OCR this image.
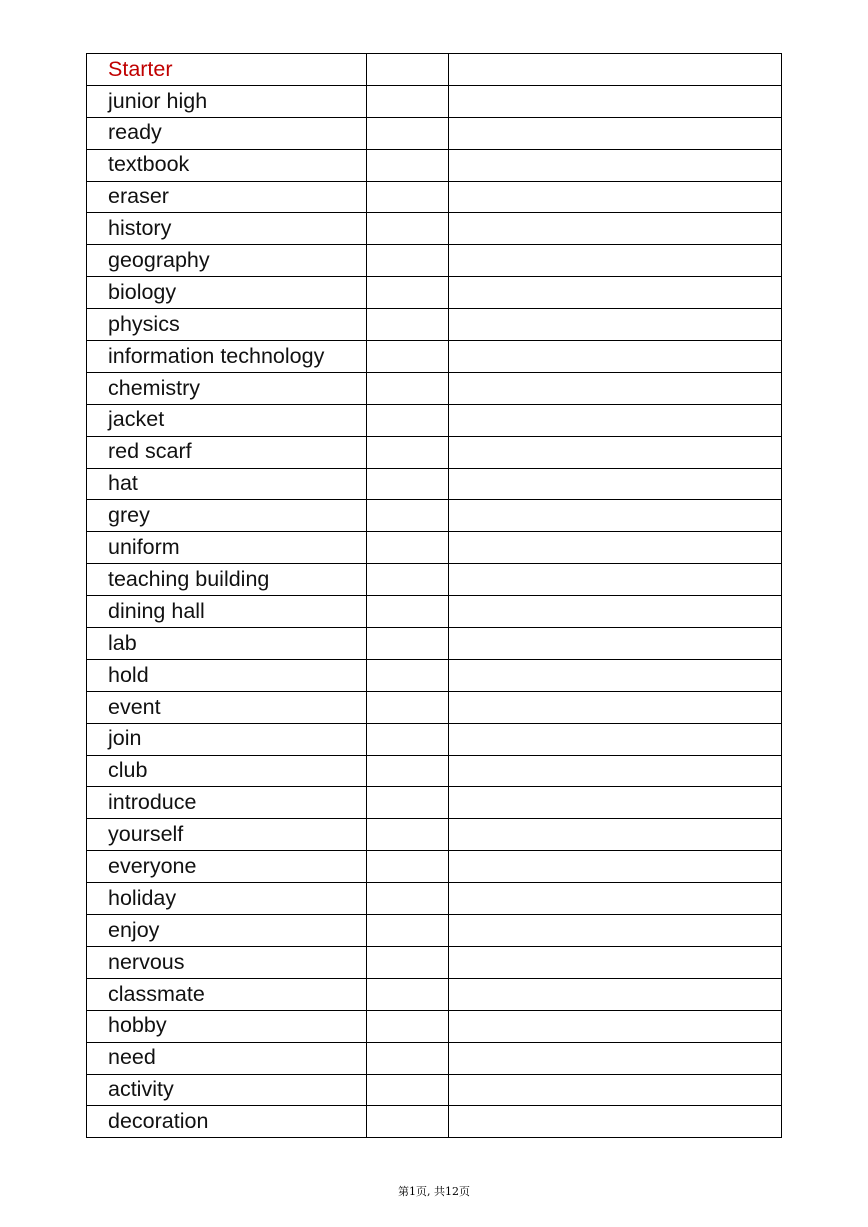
Starter		
junior high		
ready		
textbook		
eraser		
history		
geography		
biology		
physics		
information technology		
chemistry		
jacket		
red scarf		
hat		
grey		
uniform		
teaching building		
dining hall		
lab		
hold		
event		
join		
club		
introduce		
yourself		
everyone		
holiday		
enjoy		
nervous		
classmate		
hobby		
need		
activity		
decoration		
第1页, 共12页
